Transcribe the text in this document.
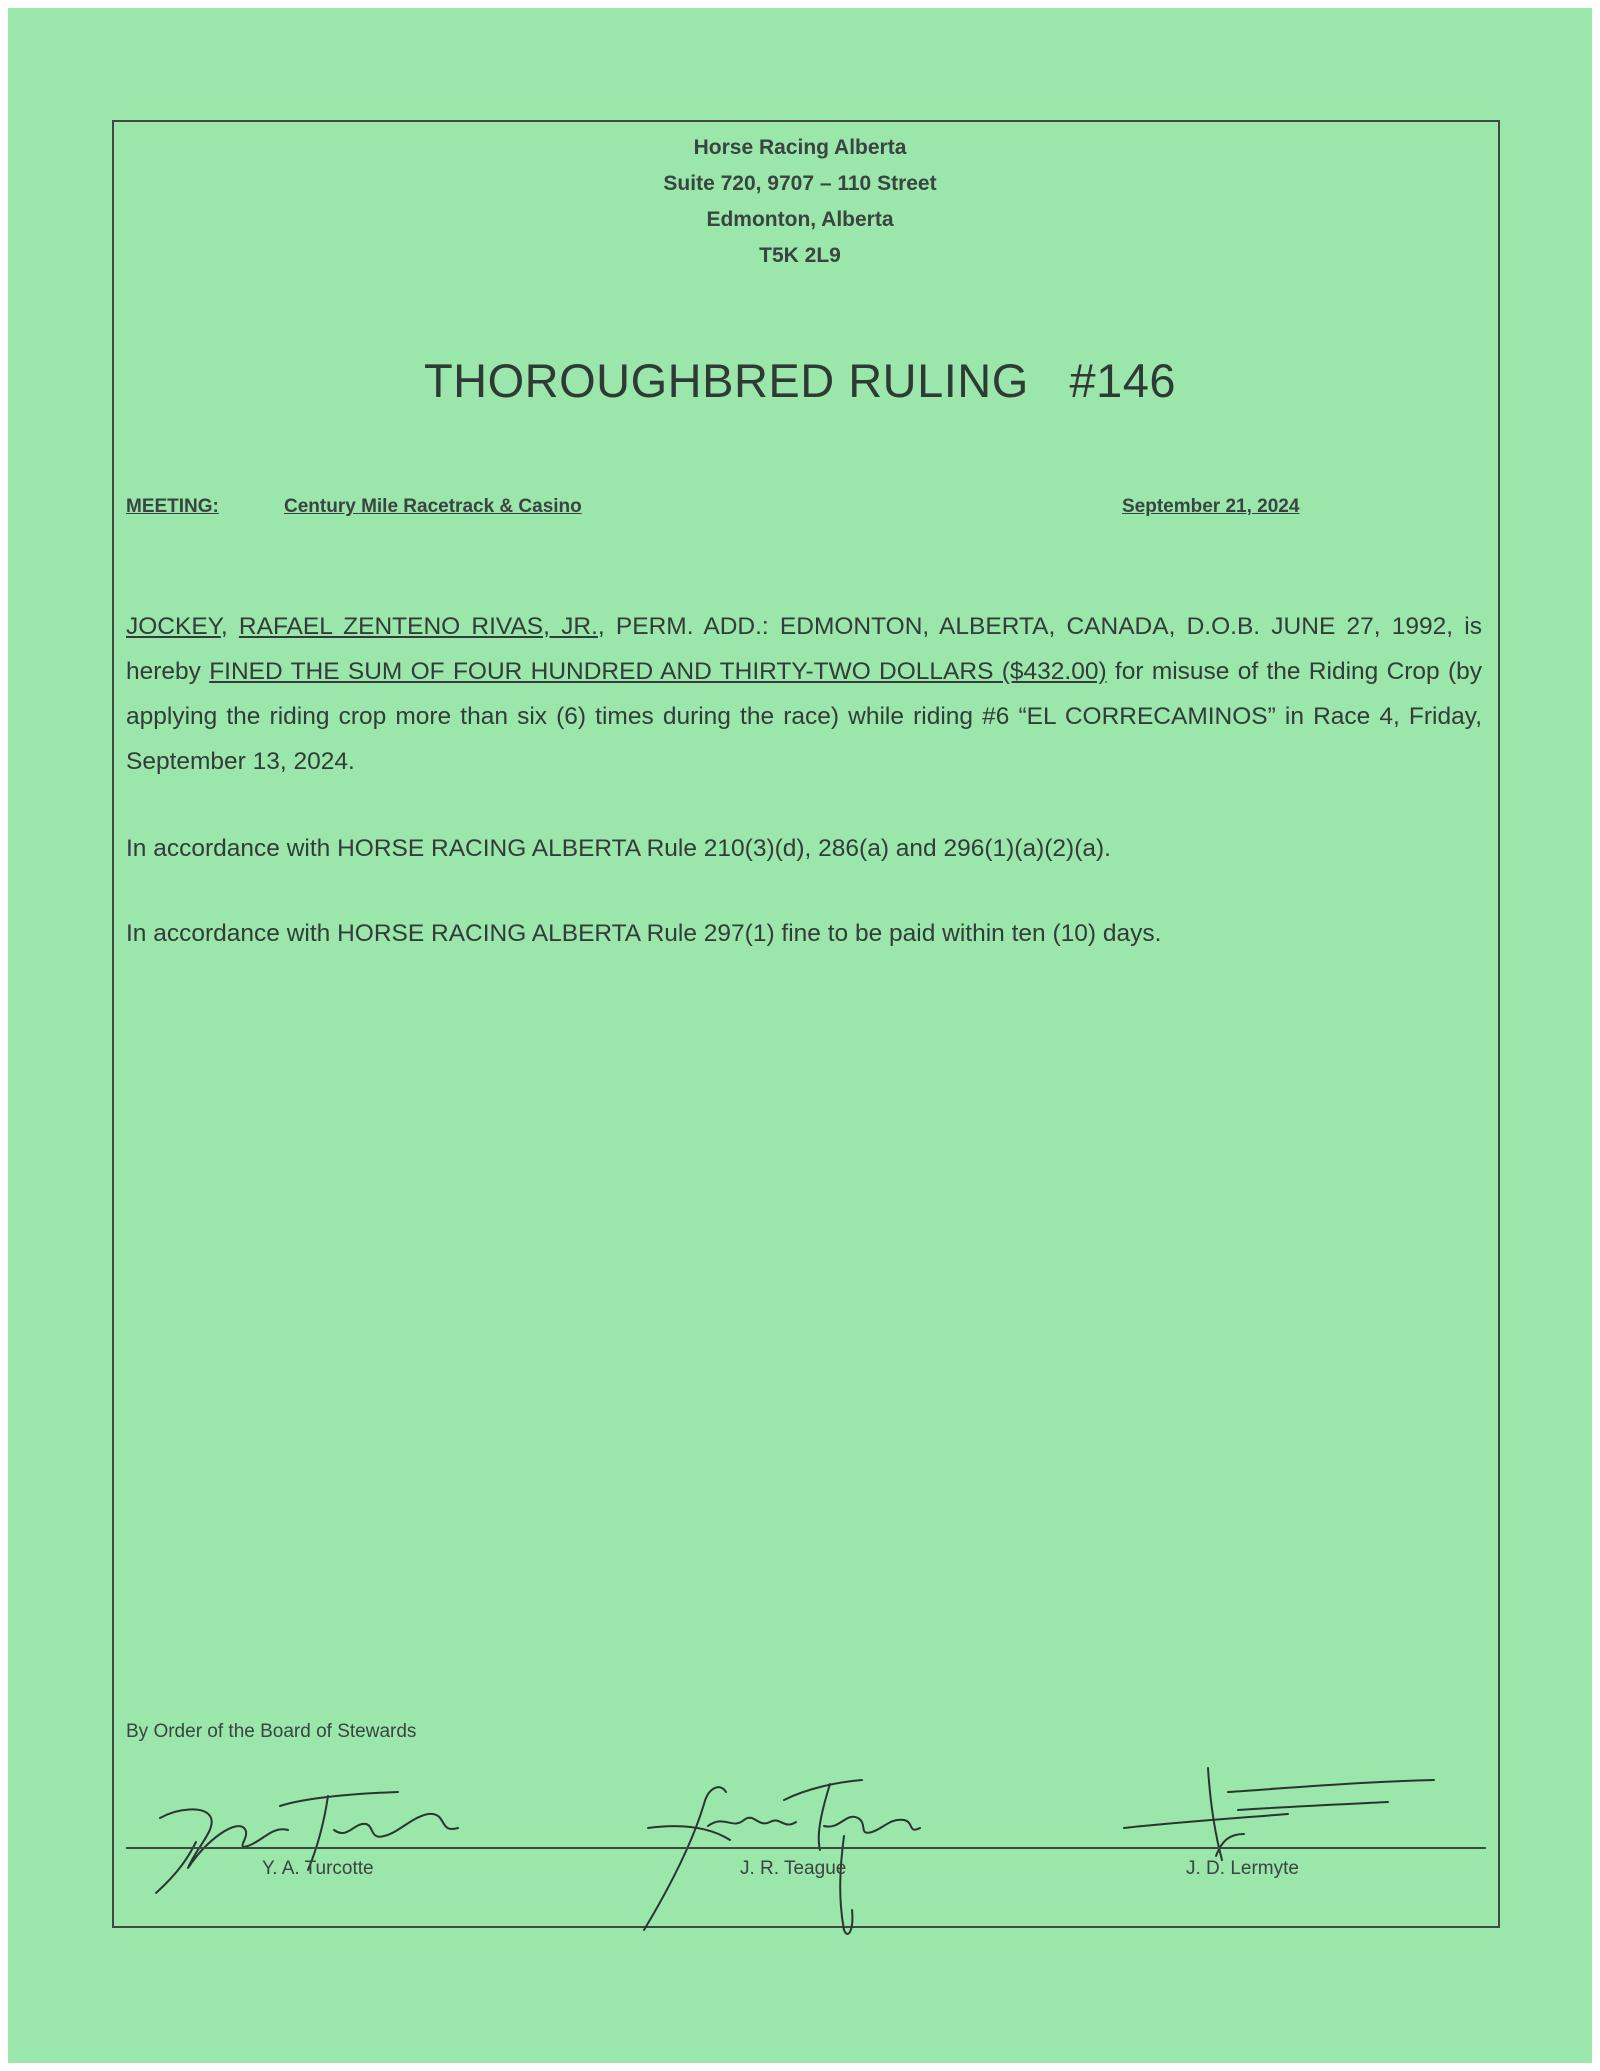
Horse Racing Alberta
Suite 720, 9707 – 110 Street
Edmonton, Alberta
T5K 2L9
THOROUGHBRED RULING   #146
MEETING:	Century Mile Racetrack & Casino	September 21, 2024
JOCKEY, RAFAEL ZENTENO RIVAS, JR., PERM. ADD.: EDMONTON, ALBERTA, CANADA, D.O.B. JUNE 27, 1992, is hereby FINED THE SUM OF FOUR HUNDRED AND THIRTY-TWO DOLLARS ($432.00) for misuse of the Riding Crop (by applying the riding crop more than six (6) times during the race) while riding #6 “EL CORRECAMINOS” in Race 4, Friday, September 13, 2024.
In accordance with HORSE RACING ALBERTA Rule 210(3)(d), 286(a) and 296(1)(a)(2)(a).
In accordance with HORSE RACING ALBERTA Rule 297(1) fine to be paid within ten (10) days.
By Order of the Board of Stewards
Y. A. Turcotte	J. R. Teague	J. D. Lermyte
